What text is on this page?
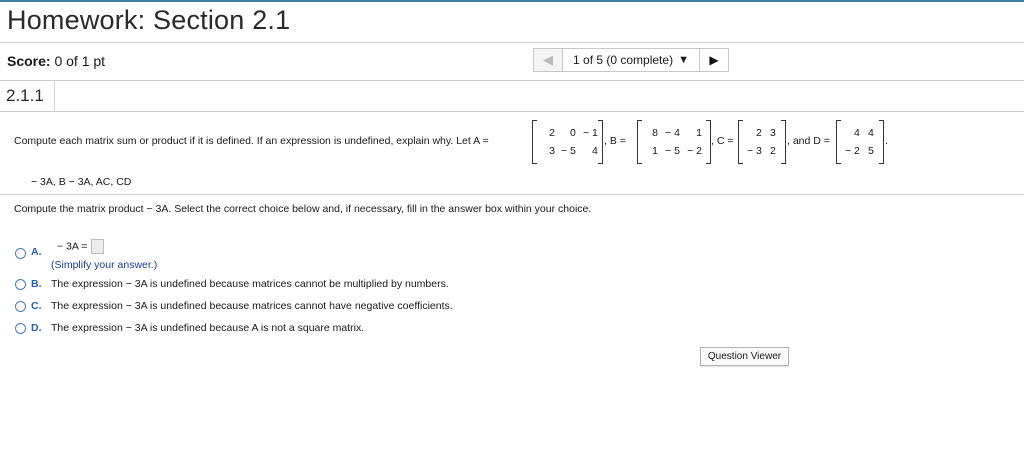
Homework: Section 2.1
Score: 0 of 1 pt	◀ 1 of 5 (0 complete) ▼ ▶
2.1.1
Compute each matrix sum or product if it is defined. If an expression is undefined, explain why. Let A =
2	0	− 1
3	− 5	4
, B =
8	− 4	1
1	− 5	− 2
, C =
2	3
− 3	2
, and D =
4	4
− 2	5
.
− 3A, B − 3A, AC, CD
Compute the matrix product − 3A. Select the correct choice below and, if necessary, fill in the answer box within your choice.
A.	− 3A =
(Simplify your answer.)
B. The expression − 3A is undefined because matrices cannot be multiplied by numbers.
C. The expression − 3A is undefined because matrices cannot have negative coefficients.
D. The expression − 3A is undefined because A is not a square matrix.
Question Viewer
